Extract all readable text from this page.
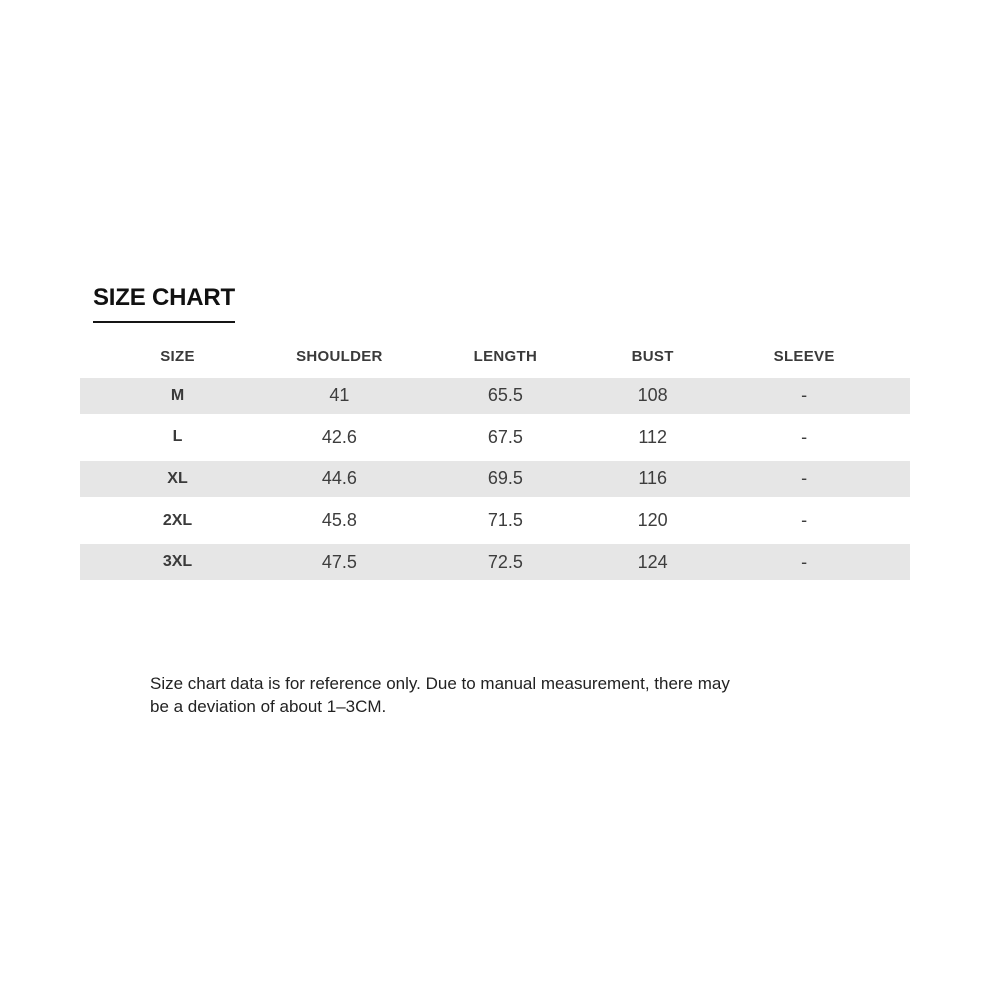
SIZE CHART
SIZE	SHOULDER	LENGTH	BUST	SLEEVE
M	41	65.5	108	-
L	42.6	67.5	112	-
XL	44.6	69.5	116	-
2XL	45.8	71.5	120	-
3XL	47.5	72.5	124	-
Size chart data is for reference only. Due to manual measurement, there may
be a deviation of about 1–3CM.
